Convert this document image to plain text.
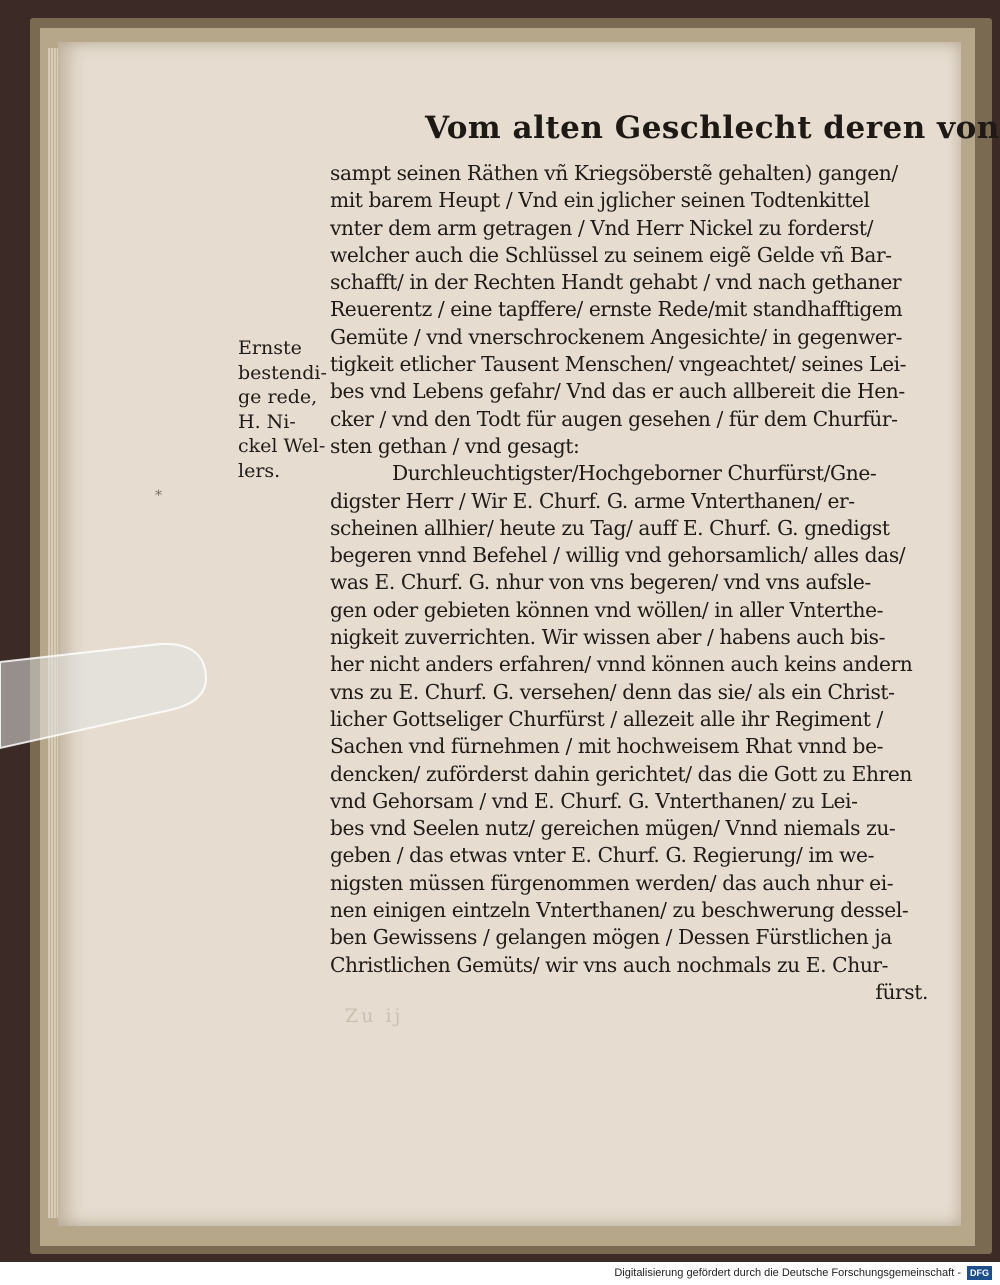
Vom alten Geschlecht deren von
Ernste
bestendi-
ge rede,
H. Ni-
ckel Wel-
lers.
sampt seinen Räthen vñ Kriegsöberstẽ gehalten) gangen/
mit barem Heupt / Vnd ein jglicher seinen Todtenkittel
vnter dem arm getragen / Vnd Herr Nickel zu forderst/
welcher auch die Schlüssel zu seinem eigẽ Gelde vñ Bar-
schafft/ in der Rechten Handt gehabt / vnd nach gethaner
Reuerentz / eine tapffere/ ernste Rede/mit standhafftigem
Gemüte / vnd vnerschrockenem Angesichte/ in gegenwer-
tigkeit etlicher Tausent Menschen/ vngeachtet/ seines Lei-
bes vnd Lebens gefahr/ Vnd das er auch allbereit die Hen-
cker / vnd den Todt für augen gesehen / für dem Churfür-
sten gethan / vnd gesagt:
Durchleuchtigster/Hochgeborner Churfürst/Gne-
digster Herr / Wir E. Churf. G. arme Vnterthanen/ er-
scheinen allhier/ heute zu Tag/ auff E. Churf. G. gnedigst
begeren vnnd Befehel / willig vnd gehorsamlich/ alles das/
was E. Churf. G. nhur von vns begeren/ vnd vns aufsle-
gen oder gebieten können vnd wöllen/ in aller Vnterthe-
nigkeit zuverrichten. Wir wissen aber / habens auch bis-
her nicht anders erfahren/ vnnd können auch keins andern
vns zu E. Churf. G. versehen/ denn das sie/ als ein Christ-
licher Gottseliger Churfürst / allezeit alle ihr Regiment /
Sachen vnd fürnehmen / mit hochweisem Rhat vnnd be-
dencken/ zuförderst dahin gerichtet/ das die Gott zu Ehren
vnd Gehorsam / vnd E. Churf. G. Vnterthanen/ zu Lei-
bes vnd Seelen nutz/ gereichen mügen/ Vnnd niemals zu-
geben / das etwas vnter E. Churf. G. Regierung/ im we-
nigsten müssen fürgenommen werden/ das auch nhur ei-
nen einigen eintzeln Vnterthanen/ zu beschwerung dessel-
ben Gewissens / gelangen mögen / Dessen Fürstlichen ja
Christlichen Gemüts/ wir vns auch nochmals zu E. Chur-
fürst.
Zu ij
*
Digitalisierung gefördert durch die Deutsche Forschungsgemeinschaft - DFG
